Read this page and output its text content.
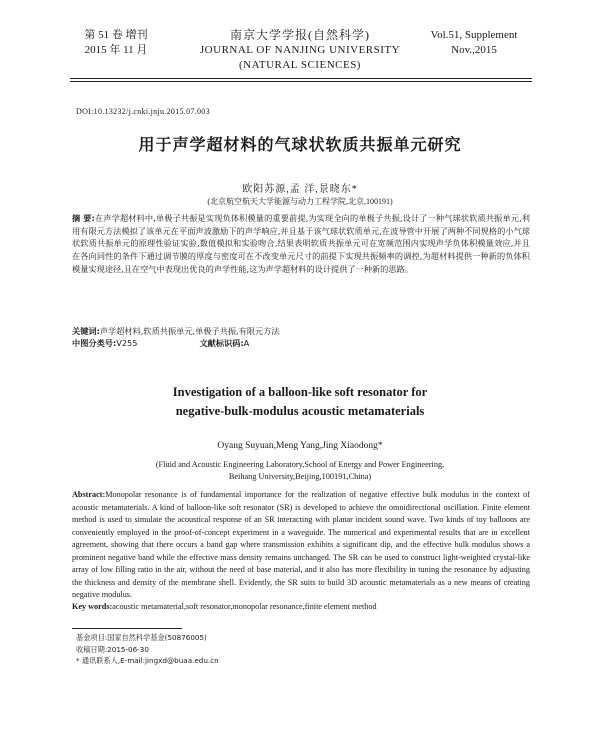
第 51 卷 增刊
2015 年 11 月
南京大学学报(自然科学)
JOURNAL OF NANJING UNIVERSITY
(NATURAL SCIENCES)
Vol.51, Supplement
Nov.,2015
DOI:10.13232/j.cnki.jnju.2015.07.003
用于声学超材料的气球状软质共振单元研究
欧阳苏源,孟 洋,景晓东*
(北京航空航天大学能源与动力工程学院,北京,100191)
摘 要:在声学超材料中,单极子共振是实现负体积模量的重要前提,为实现全向的单极子共振,设计了一种气球状软质共振单元,利用有限元方法模拟了该单元在平面声波激励下的声学响应,并且基于该气球状软质单元,在波导管中开展了两种不同规格的小气球状软质共振单元的原理性验证实验,数值模拟和实验吻合,结果表明软质共振单元可在宽频范围内实现声学负体积模量效应,并且在各向同性的条件下通过调节膜的厚度与密度可在不改变单元尺寸的前提下实现共振频率的调控,为超材料提供一种新的负体积模量实现途径,且在空气中表现出优良的声学性能,这为声学超材料的设计提供了一种新的思路。
关键词:声学超材料,软质共振单元,单极子共振,有限元方法
中图分类号:V255	文献标识码:A
Investigation of a balloon-like soft resonator for
negative-bulk-modulus acoustic metamaterials
Oyang Suyuan,Meng Yang,Jing Xiaodong*
(Fluid and Acoustic Engineering Laboratory,School of Energy and Power Engineering,
Beihang University,Beijing,100191,China)
Abstract:Monopolar resonance is of fundamental importance for the realization of negative effective bulk modulus in the context of acoustic metamaterials. A kind of balloon-like soft resonator (SR) is developed to achieve the omnidirectional oscillation. Finite element method is used to simulate the acoustical response of an SR interacting with planar incident sound wave. Two kinds of toy balloons are conveniently employed in the proof-of-concept experiment in a waveguide. The numerical and experimental results that are in excellent agreement, showing that there occurs a band gap where transmission exhibits a significant dip, and the effective bulk modulus shows a prominent negative band while the effective mass density remains unchanged. The SR can be used to construct light-weighted crystal-like array of low filling ratio in the air, without the need of base material, and it also has more flexibility in tuning the resonance by adjusting the thickness and density of the membrane shell. Evidently, the SR suits to build 3D acoustic metamaterials as a new means of creating negative modulus.
Key words:acoustic metamaterial,soft resonator,monopolar resonance,finite element method
基金项目:国家自然科学基金(50876005)
收稿日期:2015-06-30
* 通讯联系人,E-mail:jingxd@buaa.edu.cn
